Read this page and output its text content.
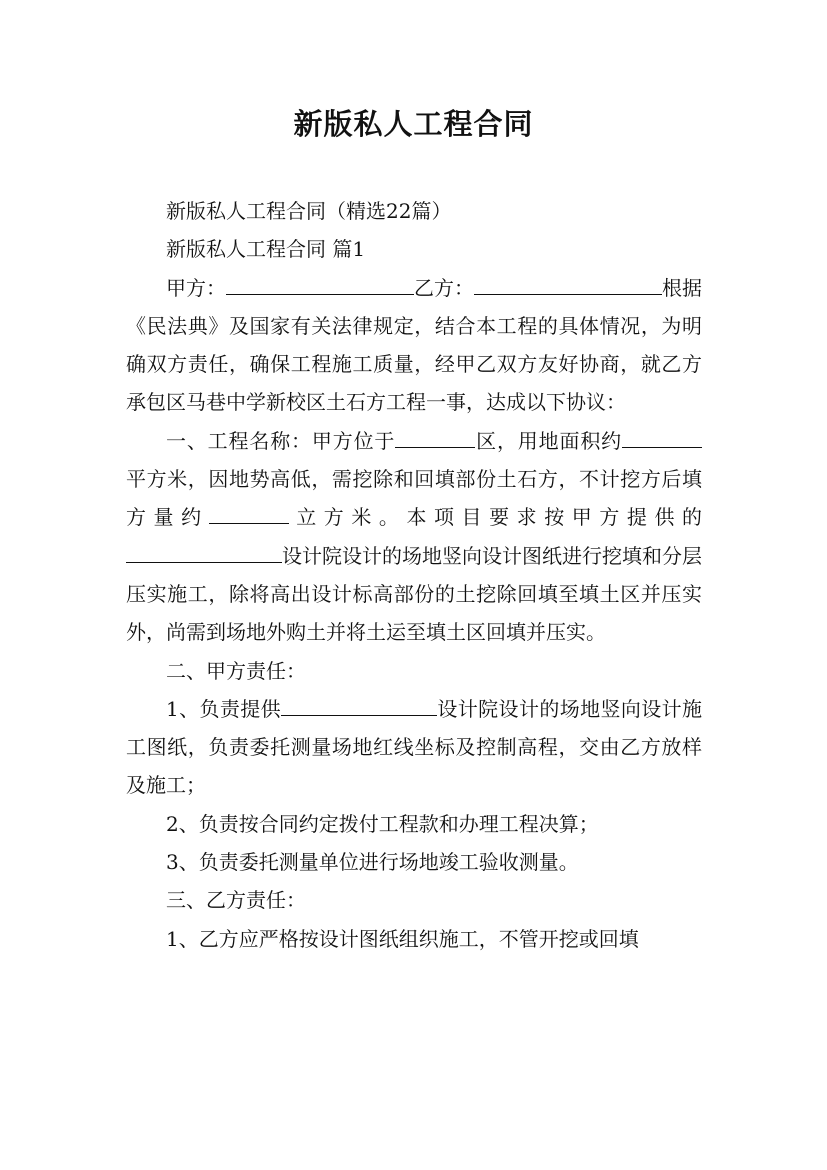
新版私人工程合同

新版私人工程合同（精选22篇）

新版私人工程合同 篇1

甲方：	乙方：	根据《民法典》及国家有关法律规定，结合本工程的具体情况，为明确双方责任，确保工程施工质量，经甲乙双方友好协商，就乙方承包区马巷中学新校区土石方工程一事，达成以下协议：

一、工程名称：甲方位于	区，用地面积约平方米，因地势高低，需挖除和回填部份土石方，不计挖方后填方量约	立方米。本项目要求按甲方提供的设计院设计的场地竖向设计图纸进行挖填和分层压实施工，除将高出设计标高部份的土挖除回填至填土区并压实外，尚需到场地外购土并将土运至填土区回填并压实。

二、甲方责任：

1、负责提供	设计院设计的场地竖向设计施工图纸，负责委托测量场地红线坐标及控制高程，交由乙方放样及施工；

2、负责按合同约定拨付工程款和办理工程决算；

3、负责委托测量单位进行场地竣工验收测量。

三、乙方责任：

1、乙方应严格按设计图纸组织施工，不管开挖或回填
